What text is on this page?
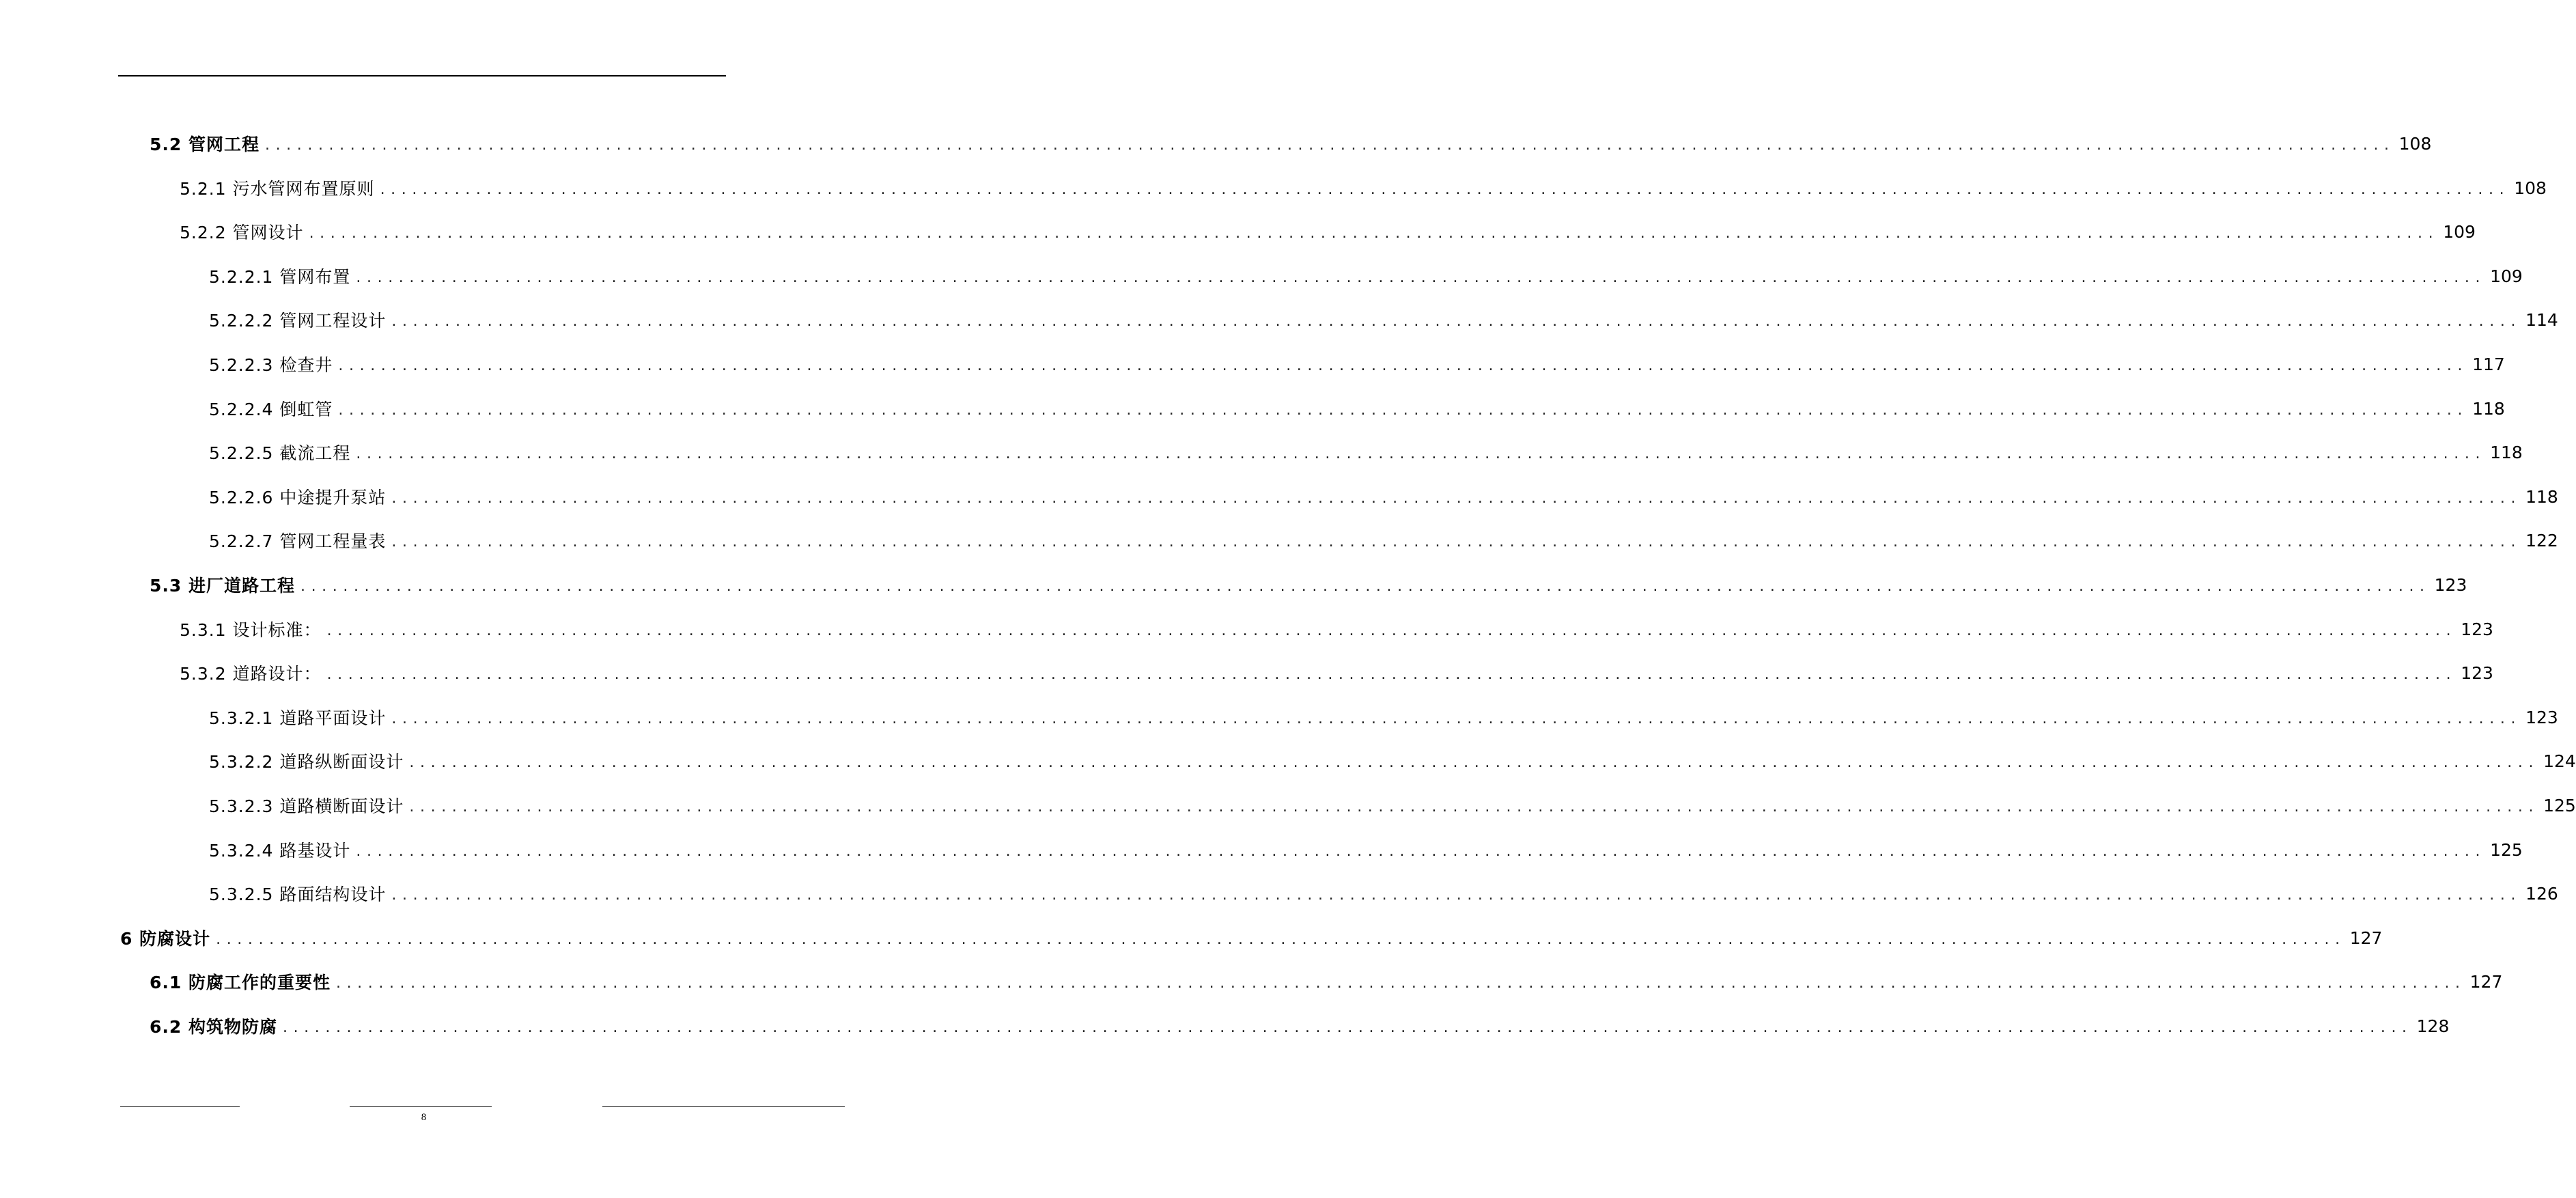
5.2 管网工程 ........................................................................................................................................................................................................ 108
5.2.1 污水管网布置原则 ........................................................................................................................................................................................................ 108
5.2.2 管网设计 ........................................................................................................................................................................................................ 109
5.2.2.1 管网布置 ........................................................................................................................................................................................................ 109
5.2.2.2 管网工程设计 ........................................................................................................................................................................................................ 114
5.2.2.3 检查井 ........................................................................................................................................................................................................ 117
5.2.2.4 倒虹管 ........................................................................................................................................................................................................ 118
5.2.2.5 截流工程 ........................................................................................................................................................................................................ 118
5.2.2.6 中途提升泵站 ........................................................................................................................................................................................................ 118
5.2.2.7 管网工程量表 ........................................................................................................................................................................................................ 122
5.3 进厂道路工程 ........................................................................................................................................................................................................ 123
5.3.1 设计标准： ........................................................................................................................................................................................................ 123
5.3.2 道路设计： ........................................................................................................................................................................................................ 123
5.3.2.1 道路平面设计 ........................................................................................................................................................................................................ 123
5.3.2.2 道路纵断面设计 ........................................................................................................................................................................................................ 124
5.3.2.3 道路横断面设计 ........................................................................................................................................................................................................ 125
5.3.2.4 路基设计 ........................................................................................................................................................................................................ 125
5.3.2.5 路面结构设计 ........................................................................................................................................................................................................ 126
6 防腐设计 ........................................................................................................................................................................................................ 127
6.1 防腐工作的重要性 ........................................................................................................................................................................................................ 127
6.2 构筑物防腐 ........................................................................................................................................................................................................ 128
8
